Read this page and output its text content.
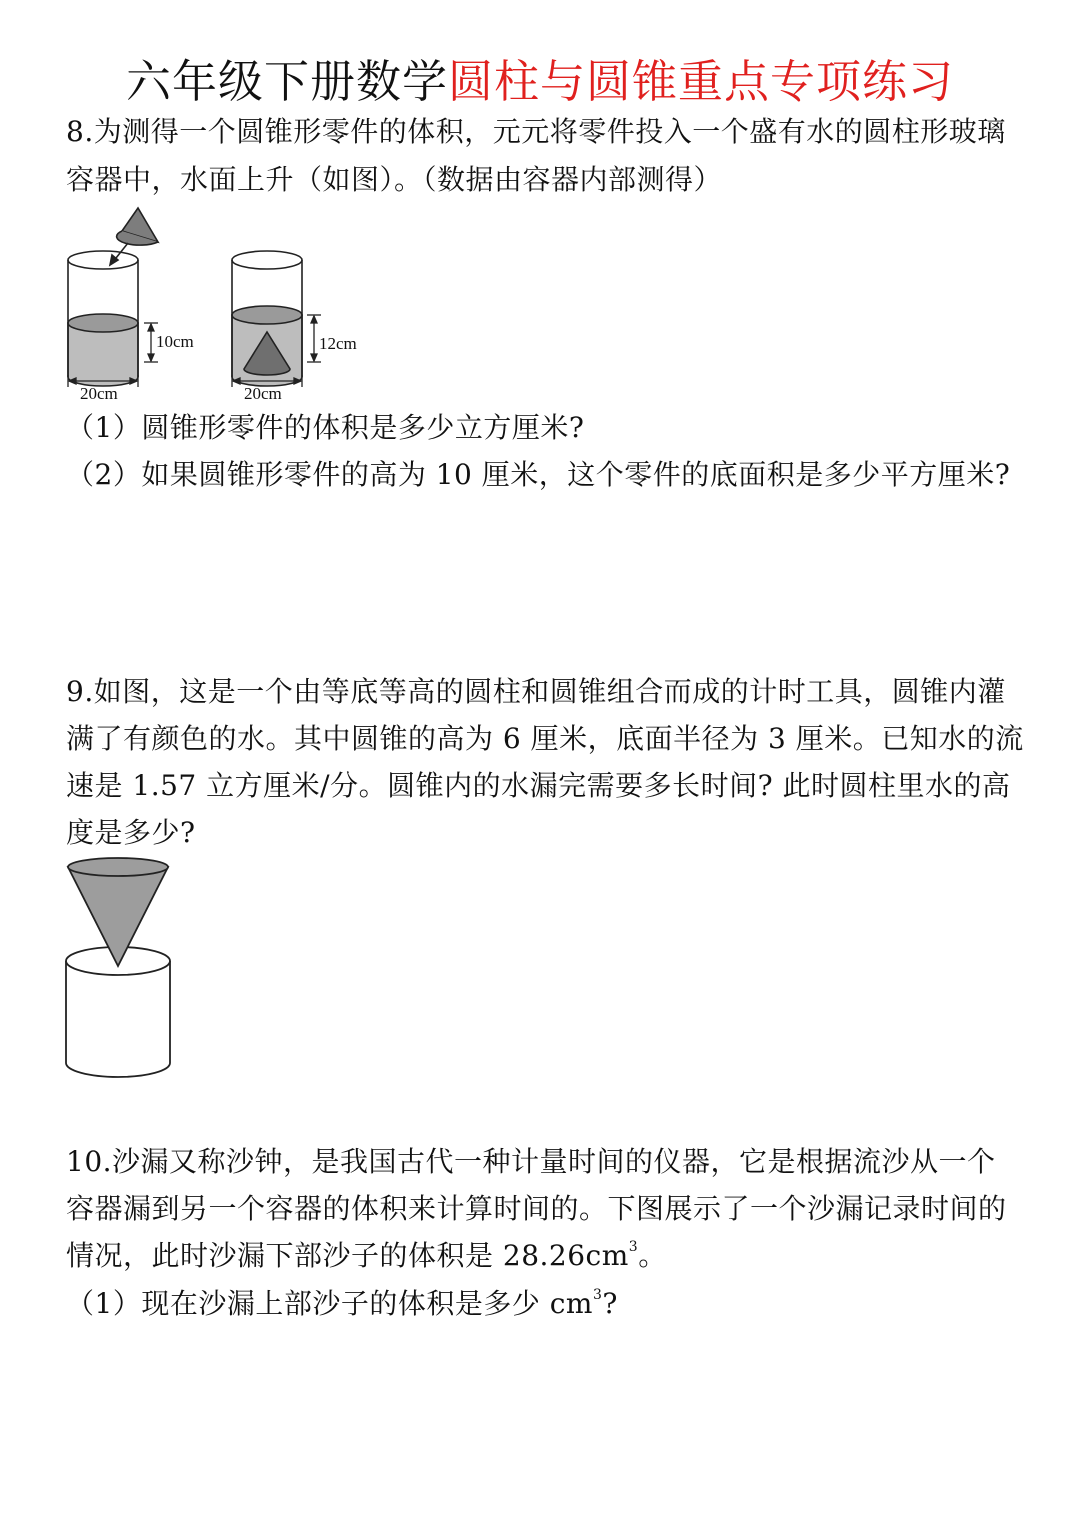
六年级下册数学圆柱与圆锥重点专项练习
8.为测得一个圆锥形零件的体积，元元将零件投入一个盛有水的圆柱形玻璃
容器中，水面上升（如图）。（数据由容器内部测得）
10cm
20cm
12cm
20cm
（1）圆锥形零件的体积是多少立方厘米?
（2）如果圆锥形零件的高为 10 厘米，这个零件的底面积是多少平方厘米?
9.如图，这是一个由等底等高的圆柱和圆锥组合而成的计时工具，圆锥内灌
满了有颜色的水。其中圆锥的高为 6 厘米，底面半径为 3 厘米。已知水的流
速是 1.57 立方厘米/分。圆锥内的水漏完需要多长时间? 此时圆柱里水的高
度是多少?
10.沙漏又称沙钟，是我国古代一种计量时间的仪器，它是根据流沙从一个
容器漏到另一个容器的体积来计算时间的。下图展示了一个沙漏记录时间的
情况，此时沙漏下部沙子的体积是 $28.26cm^3$。
（1）现在沙漏上部沙子的体积是多少 $cm^3$?
